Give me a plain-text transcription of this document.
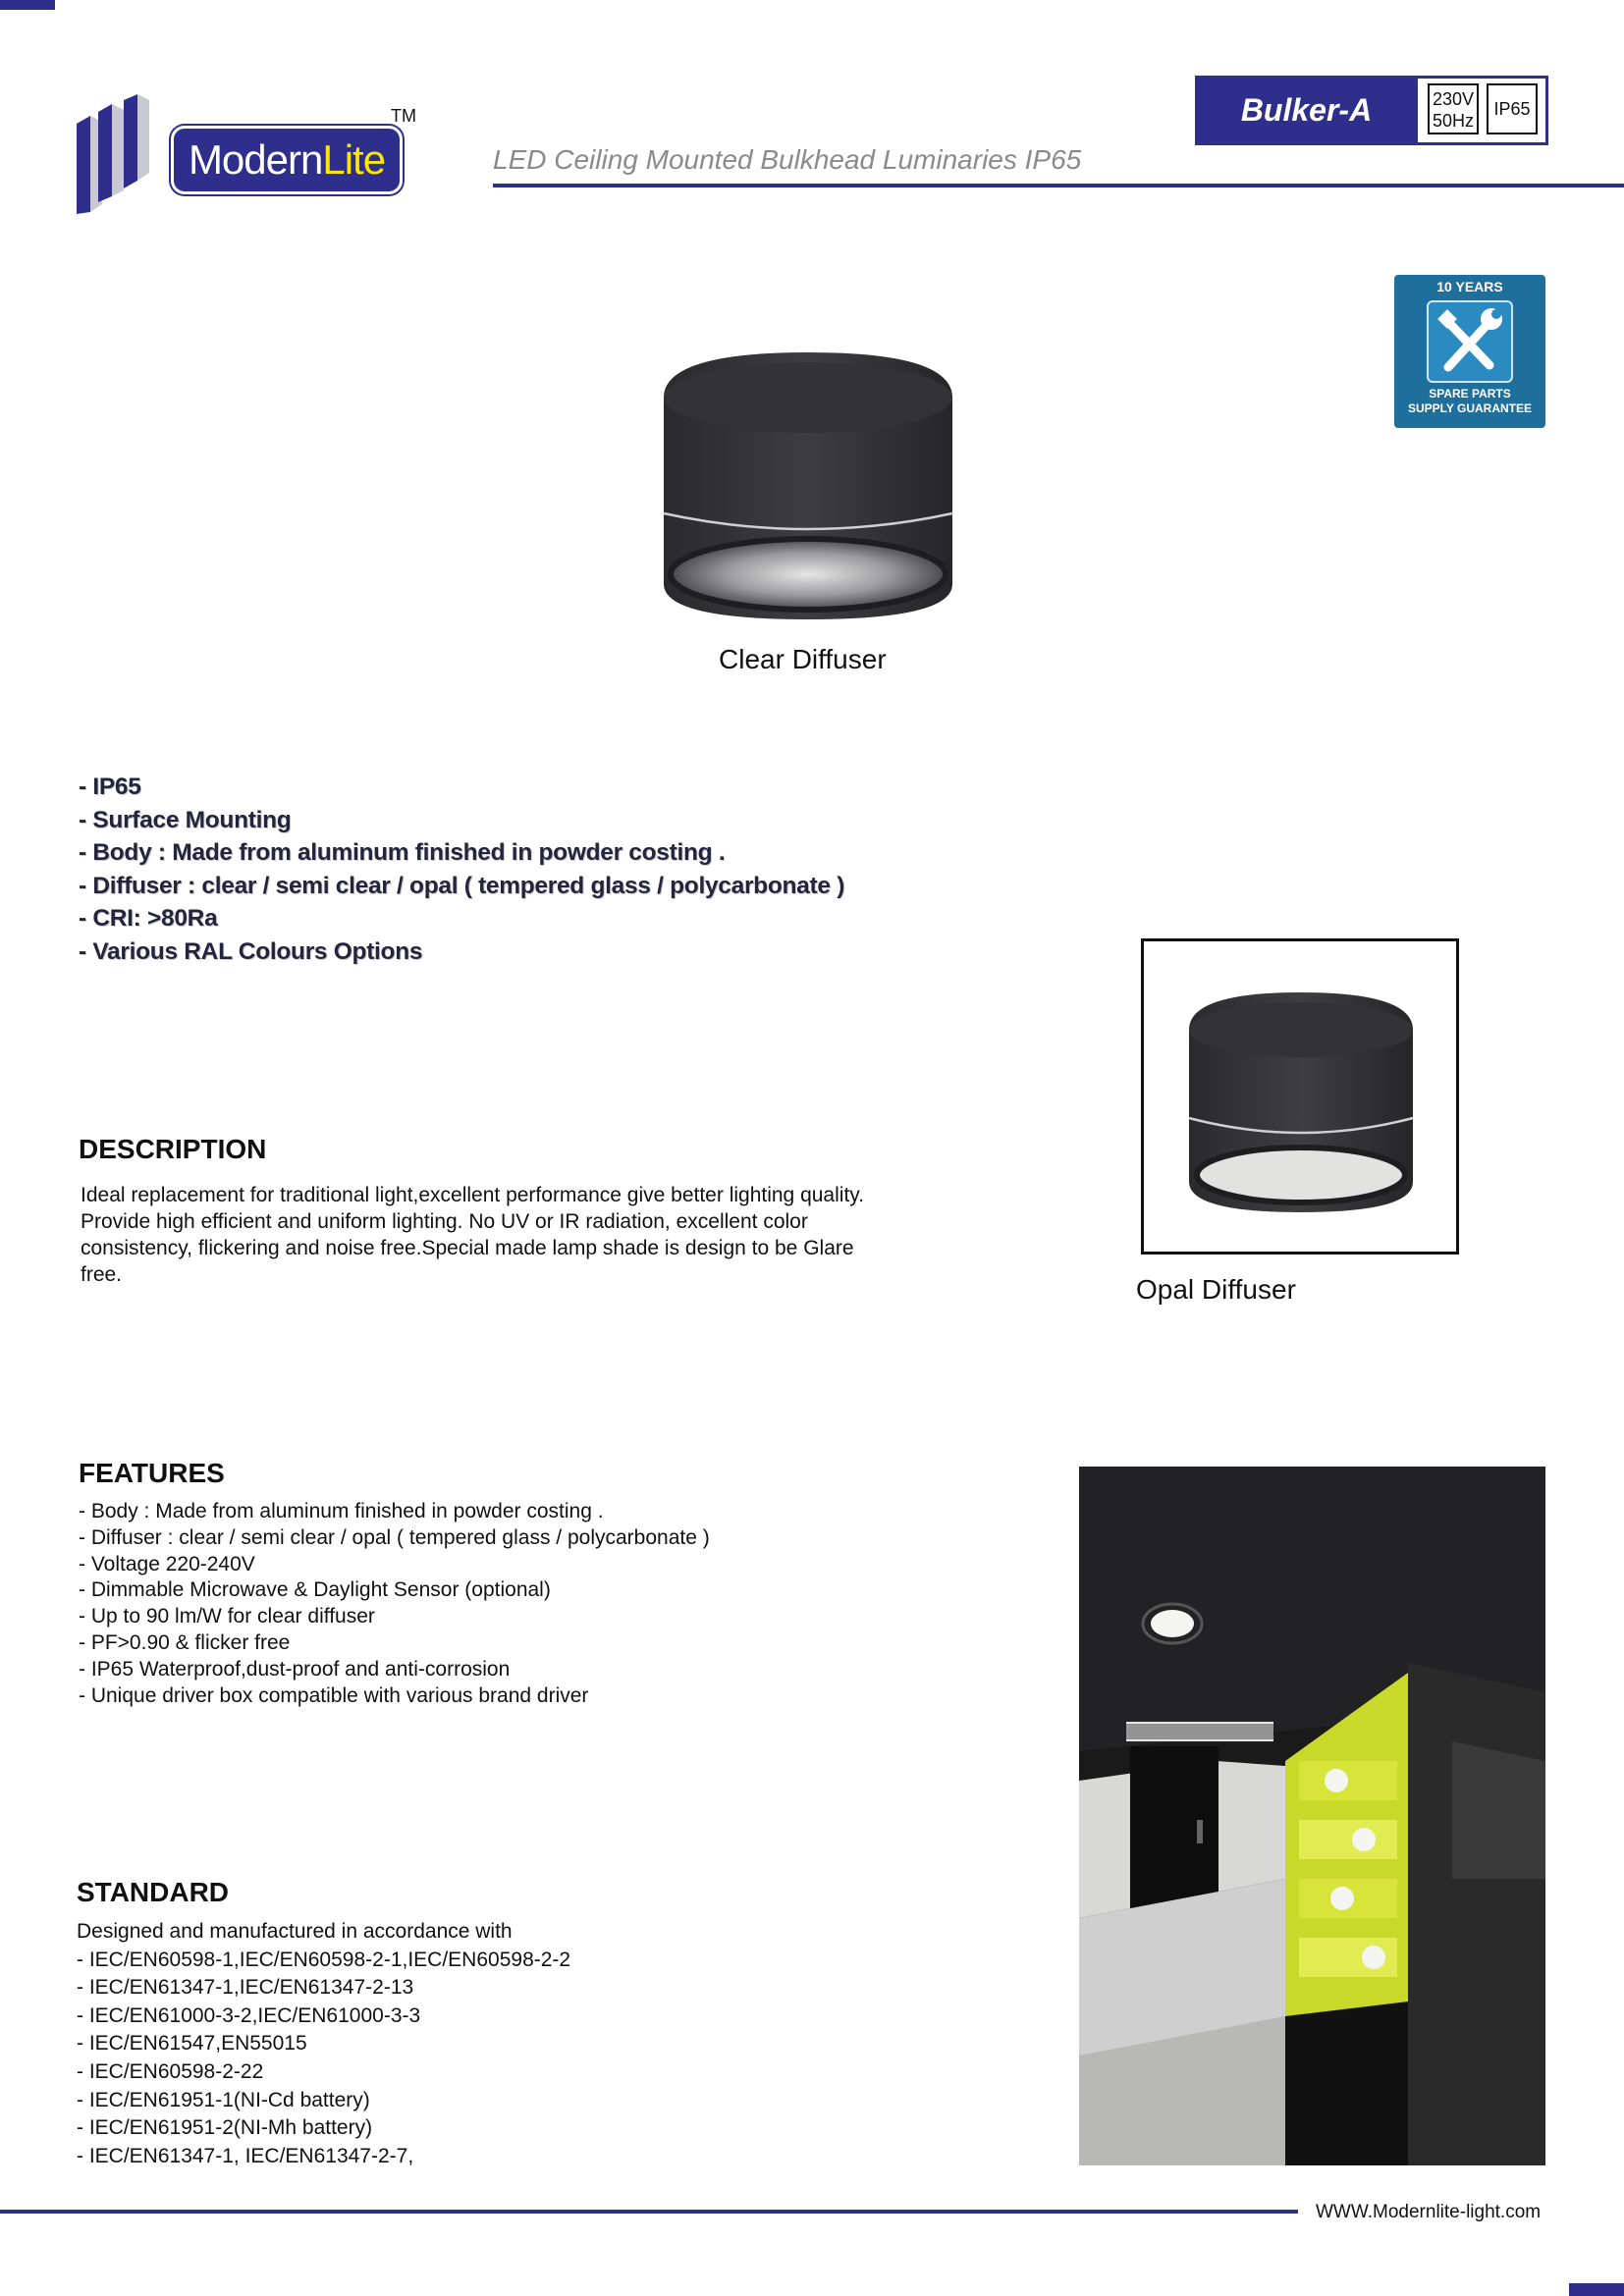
Modern Lite
TM	Bulker-A	230V
50Hz
IP65
LED Ceiling Mounted Bulkhead Luminaries IP65
10 YEARS
SPARE PARTS
SUPPLY GUARANTEE
Clear Diffuser
- IP65
- Surface Mounting
- Body : Made from aluminum finished in powder costing .
- Diffuser : clear / semi clear / opal ( tempered glass / polycarbonate )
- CRI: >80Ra
- Various RAL Colours Options
Opal Diffuser
DESCRIPTION
Ideal replacement for traditional light,excellent performance give better lighting quality. Provide high efficient and uniform lighting. No UV or IR radiation, excellent color consistency, flickering and noise free.Special made lamp shade is design to be Glare free.
FEATURES
- Body : Made from aluminum finished in powder costing .
- Diffuser : clear / semi clear / opal ( tempered glass / polycarbonate )
- Voltage 220-240V
- Dimmable Microwave & Daylight Sensor (optional)
- Up to 90 lm/W for clear diffuser
- PF>0.90 & flicker free
- IP65 Waterproof,dust-proof and anti-corrosion
- Unique driver box compatible with various brand driver
STANDARD
Designed and manufactured in accordance with
- IEC/EN60598-1,IEC/EN60598-2-1,IEC/EN60598-2-2
- IEC/EN61347-1,IEC/EN61347-2-13
- IEC/EN61000-3-2,IEC/EN61000-3-3
- IEC/EN61547,EN55015
- IEC/EN60598-2-22
- IEC/EN61951-1(NI-Cd battery)
- IEC/EN61951-2(NI-Mh battery)
- IEC/EN61347-1, IEC/EN61347-2-7,
WWW.Modernlite-light.com
